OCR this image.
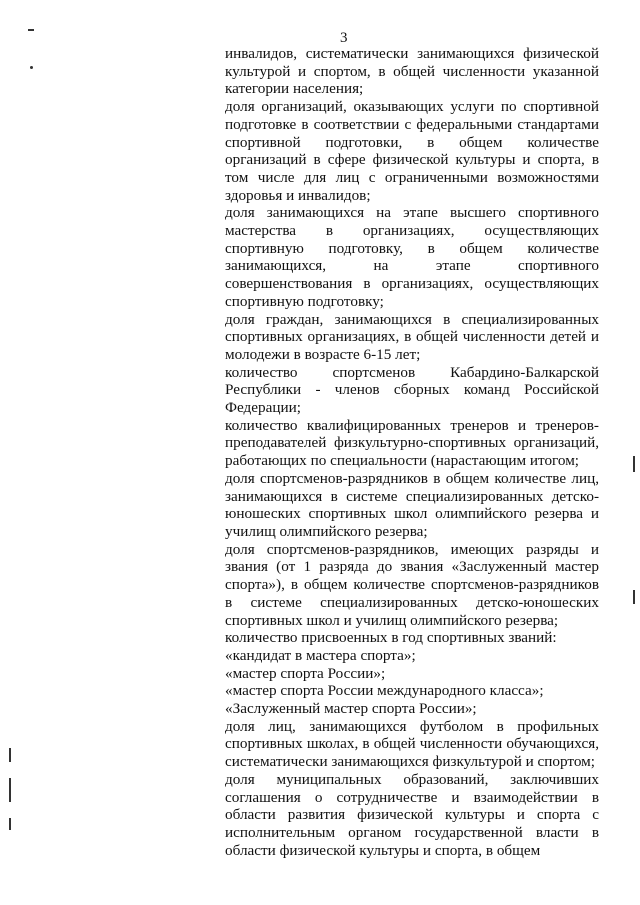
3
инвалидов, систематически занимающихся физической культурой и спортом, в общей численности указанной категории населения;
доля организаций, оказывающих услуги по спортивной подготовке в соответствии с федеральными стандартами спортивной подготовки, в общем количестве организаций в сфере физической культуры и спорта, в том числе для лиц с ограниченными возможностями здоровья и инвалидов;
доля занимающихся на этапе высшего спортивного мастерства в организациях, осуществляющих спортивную подготовку, в общем количестве занимающихся, на этапе спортивного совершенствования в организациях, осуществляющих спортивную подготовку;
доля граждан, занимающихся в специализированных спортивных организациях, в общей численности детей и молодежи в возрасте 6-15 лет;
количество спортсменов Кабардино-Балкарской Республики - членов сборных команд Российской Федерации;
количество квалифицированных тренеров и тренеров-преподавателей физкультурно-спортивных организаций, работающих по специальности (нарастающим итогом;
доля спортсменов-разрядников в общем количестве лиц, занимающихся в системе специализированных детско-юношеских спортивных школ олимпийского резерва и училищ олимпийского резерва;
доля спортсменов-разрядников, имеющих разряды и звания (от 1 разряда до звания «Заслуженный мастер спорта»), в общем количестве спортсменов-разрядников в системе специализированных детско-юношеских спортивных школ и училищ олимпийского резерва;
количество присвоенных в год спортивных званий:
«кандидат в мастера спорта»;
«мастер спорта России»;
«мастер спорта России международного класса»;
«Заслуженный мастер спорта России»;
доля лиц, занимающихся футболом в профильных спортивных школах, в общей численности обучающихся, систематически занимающихся физкультурой и спортом;
доля муниципальных образований, заключивших соглашения о сотрудничестве и взаимодействии в области развития физической культуры и спорта с исполнительным органом государственной власти в области физической культуры и спорта, в общем
